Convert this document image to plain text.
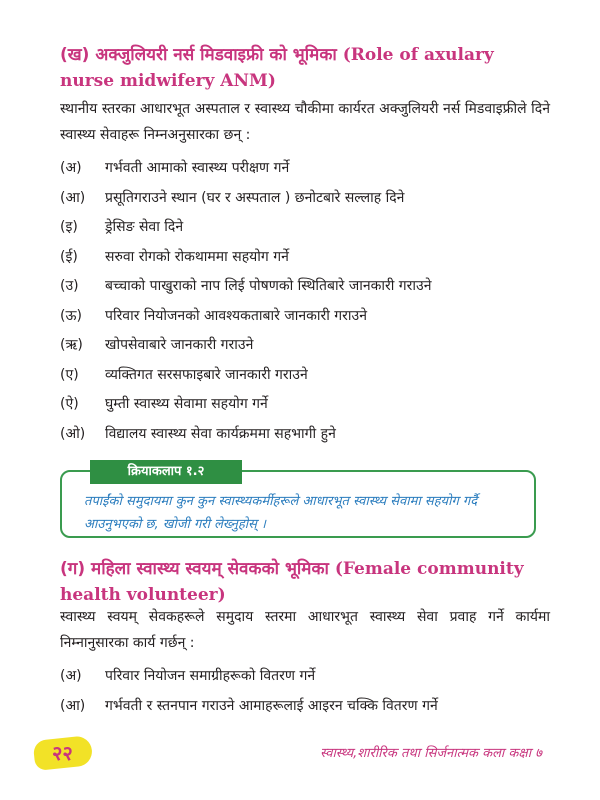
(ख) अक्जुलियरी नर्स मिडवाइफ्री को भूमिका (Role of axulary nurse midwifery ANM)

स्थानीय स्तरका आधारभूत अस्पताल र स्वास्थ्य चौकीमा कार्यरत अक्जुलियरी नर्स मिडवाइफ्रीले दिने स्वास्थ्य सेवाहरू निम्नअनुसारका छन् :

(अ)	गर्भवती आमाको स्वास्थ्य परीक्षण गर्ने
(आ)	प्रसूतिगराउने स्थान (घर र अस्पताल ) छनोटबारे सल्लाह दिने
(इ)	ड्रेसिङ सेवा दिने
(ई)	सरुवा रोगको रोकथाममा सहयोग गर्ने
(उ)	बच्चाको पाखुराको नाप लिई पोषणको स्थितिबारे जानकारी गराउने
(ऊ)	परिवार नियोजनको आवश्यकताबारे जानकारी गराउने
(ऋ)	खोपसेवाबारे जानकारी गराउने
(ए)	व्यक्तिगत सरसफाइबारे जानकारी गराउने
(ऐ)	घुम्ती स्वास्थ्य सेवामा सहयोग गर्ने
(ओ)	विद्यालय स्वास्थ्य सेवा कार्यक्रममा सहभागी हुने
क्रियाकलाप १.२

तपाईंको समुदायमा कुन कुन स्वास्थ्यकर्मीहरूले आधारभूत स्वास्थ्य सेवामा सहयोग गर्दै आउनुभएको छ, खोजी गरी लेख्नुहोस् ।

(ग) महिला स्वास्थ्य स्वयम् सेवकको भूमिका (Female community health volunteer)

स्वास्थ्य स्वयम् सेवकहरूले समुदाय स्तरमा आधारभूत स्वास्थ्य सेवा प्रवाह गर्ने कार्यमा निम्नानुसारका कार्य गर्छन् :

(अ)	परिवार नियोजन समाग्रीहरूको वितरण गर्ने
(आ)	गर्भवती र स्तनपान गराउने आमाहरूलाई आइरन चक्कि वितरण गर्ने
२२	स्वास्थ्य,शारीरिक तथा सिर्जनात्मक कला कक्षा ७
